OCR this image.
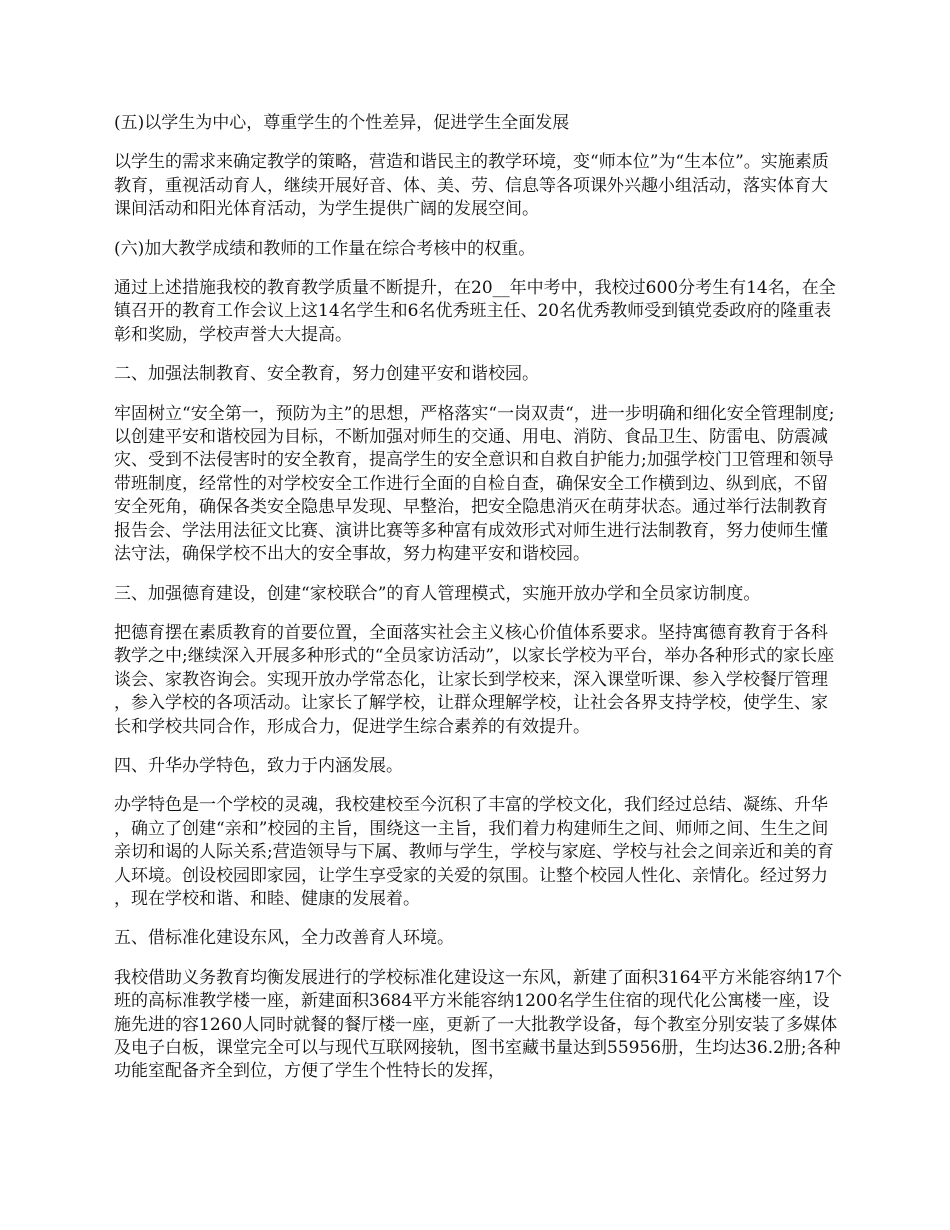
(五)以学生为中心，尊重学生的个性差异，促进学生全面发展

以学生的需求来确定教学的策略，营造和谐民主的教学环境，变“师本位”为“生本位”。实施素质教育，重视活动育人，继续开展好音、体、美、劳、信息等各项课外兴趣小组活动，落实体育大课间活动和阳光体育活动，为学生提供广阔的发展空间。

(六)加大教学成绩和教师的工作量在综合考核中的权重。

通过上述措施我校的教育教学质量不断提升，在20__年中考中，我校过600分考生有14名，在全镇召开的教育工作会议上这14名学生和6名优秀班主任、20名优秀教师受到镇党委政府的隆重表彰和奖励，学校声誉大大提高。

二、加强法制教育、安全教育，努力创建平安和谐校园。

牢固树立“安全第一，预防为主”的思想，严格落实“一岗双责“，进一步明确和细化安全管理制度;以创建平安和谐校园为目标，不断加强对师生的交通、用电、消防、食品卫生、防雷电、防震减灾、受到不法侵害时的安全教育，提高学生的安全意识和自救自护能力;加强学校门卫管理和领导带班制度，经常性的对学校安全工作进行全面的自检自查，确保安全工作横到边、纵到底，不留安全死角，确保各类安全隐患早发现、早整治，把安全隐患消灭在萌芽状态。通过举行法制教育报告会、学法用法征文比赛、演讲比赛等多种富有成效形式对师生进行法制教育，努力使师生懂法守法，确保学校不出大的安全事故，努力构建平安和谐校园。

三、加强德育建设，创建“家校联合”的育人管理模式，实施开放办学和全员家访制度。

把德育摆在素质教育的首要位置，全面落实社会主义核心价值体系要求。坚持寓德育教育于各科教学之中;继续深入开展多种形式的“全员家访活动”，以家长学校为平台，举办各种形式的家长座谈会、家教咨询会。实现开放办学常态化，让家长到学校来，深入课堂听课、参入学校餐厅管理，参入学校的各项活动。让家长了解学校，让群众理解学校，让社会各界支持学校，使学生、家长和学校共同合作，形成合力，促进学生综合素养的有效提升。

四、升华办学特色，致力于内涵发展。

办学特色是一个学校的灵魂，我校建校至今沉积了丰富的学校文化，我们经过总结、凝练、升华，确立了创建“亲和”校园的主旨，围绕这一主旨，我们着力构建师生之间、师师之间、生生之间亲切和谒的人际关系;营造领导与下属、教师与学生，学校与家庭、学校与社会之间亲近和美的育人环境。创设校园即家园，让学生享受家的关爱的氛围。让整个校园人性化、亲情化。经过努力，现在学校和谐、和睦、健康的发展着。

五、借标准化建设东风，全力改善育人环境。

我校借助义务教育均衡发展进行的学校标准化建设这一东风，新建了面积3164平方米能容纳17个班的高标准教学楼一座，新建面积3684平方米能容纳1200名学生住宿的现代化公寓楼一座，设施先进的容1260人同时就餐的餐厅楼一座，更新了一大批教学设备，每个教室分别安装了多媒体及电子白板，课堂完全可以与现代互联网接轨，图书室藏书量达到55956册，生均达36.2册;各种功能室配备齐全到位，方便了学生个性特长的发挥，
